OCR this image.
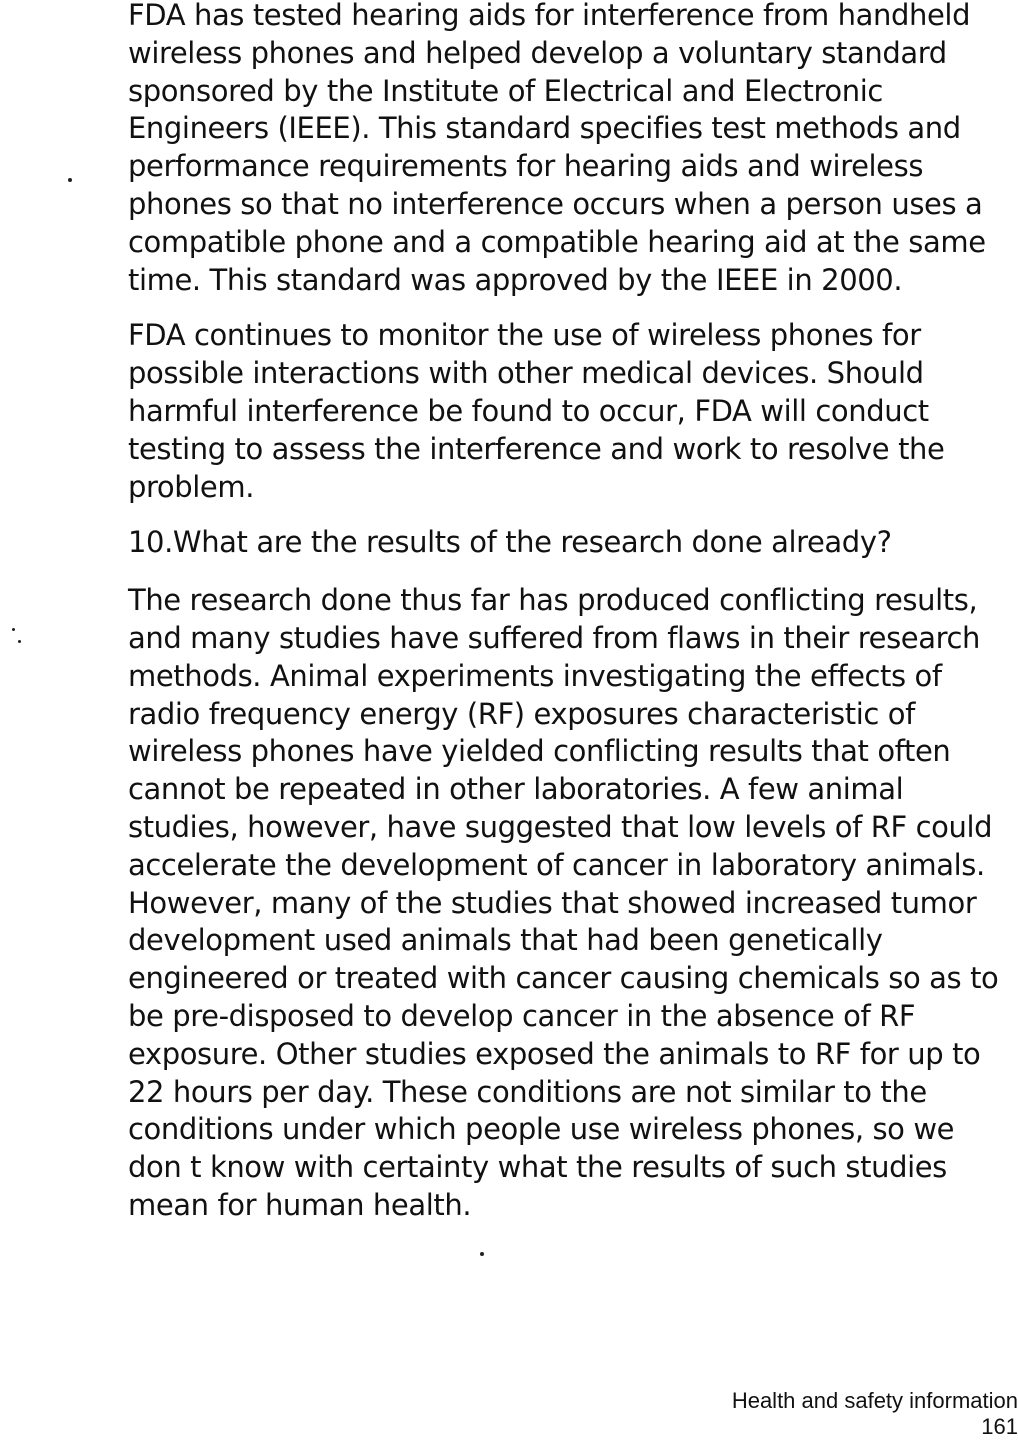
FDA has tested hearing aids for interference from handheld wireless phones and helped develop a voluntary standard sponsored by the Institute of Electrical and Electronic Engineers (IEEE). This standard specifies test methods and performance requirements for hearing aids and wireless phones so that no interference occurs when a person uses a compatible phone and a compatible hearing aid at the same time. This standard was approved by the IEEE in 2000.

FDA continues to monitor the use of wireless phones for possible interactions with other medical devices. Should harmful interference be found to occur, FDA will conduct testing to assess the interference and work to resolve the problem.

10.What are the results of the research done already?

The research done thus far has produced conflicting results, and many studies have suffered from flaws in their research methods. Animal experiments investigating the effects of radio frequency energy (RF) exposures characteristic of wireless phones have yielded conflicting results that often cannot be repeated in other laboratories. A few animal studies, however, have suggested that low levels of RF could accelerate the development of cancer in laboratory animals. However, many of the studies that showed increased tumor development used animals that had been genetically engineered or treated with cancer causing chemicals so as to be pre-disposed to develop cancer in the absence of RF exposure. Other studies exposed the animals to RF for up to 22 hours per day. These conditions are not similar to the conditions under which people use wireless phones, so we don t know with certainty what the results of such studies mean for human health.

Health and safety information
161
